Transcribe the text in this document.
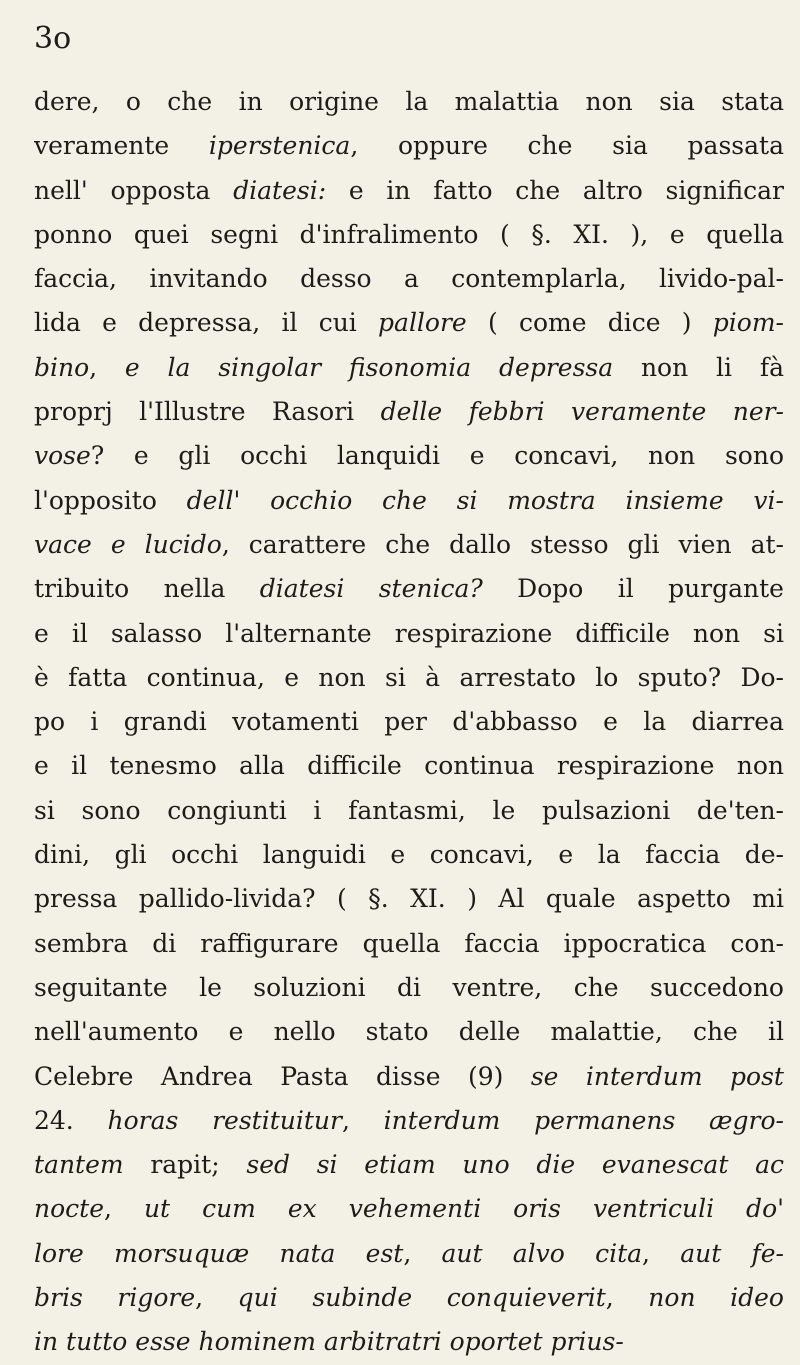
3o
dere, o che in origine la malattia non sia stata
veramente iperstenica, oppure che sia passata
nell' opposta diatesi: e in fatto che altro significar
ponno quei segni d'infralimento ( §. XI. ), e quella
faccia, invitando desso a contemplarla, livido-pal-
lida e depressa, il cui pallore ( come dice ) piom-
bino, e la singolar fisonomia depressa non li fà
proprj l'Illustre Rasori delle febbri veramente ner-
vose? e gli occhi lanquidi e concavi, non sono
l'opposito dell' occhio che si mostra insieme vi-
vace e lucido, carattere che dallo stesso gli vien at-
tribuito nella diatesi stenica? Dopo il purgante
e il salasso l'alternante respirazione difficile non si
è fatta continua, e non si à arrestato lo sputo? Do-
po i grandi votamenti per d'abbasso e la diarrea
e il tenesmo alla difficile continua respirazione non
si sono congiunti i fantasmi, le pulsazioni de'ten-
dini, gli occhi languidi e concavi, e la faccia de-
pressa pallido-livida? ( §. XI. ) Al quale aspetto mi
sembra di raffigurare quella faccia ippocratica con-
seguitante le soluzioni di ventre, che succedono
nell'aumento e nello stato delle malattie, che il
Celebre Andrea Pasta disse (9) se interdum post
24. horas restituitur, interdum permanens ægro-
tantem rapit; sed si etiam uno die evanescat ac
nocte, ut cum ex vehementi oris ventriculi do'
lore morsuquæ nata est, aut alvo cita, aut fe-
bris rigore, qui subinde conquieverit, non ideo
in tutto esse hominem arbitratri oportet prius-
